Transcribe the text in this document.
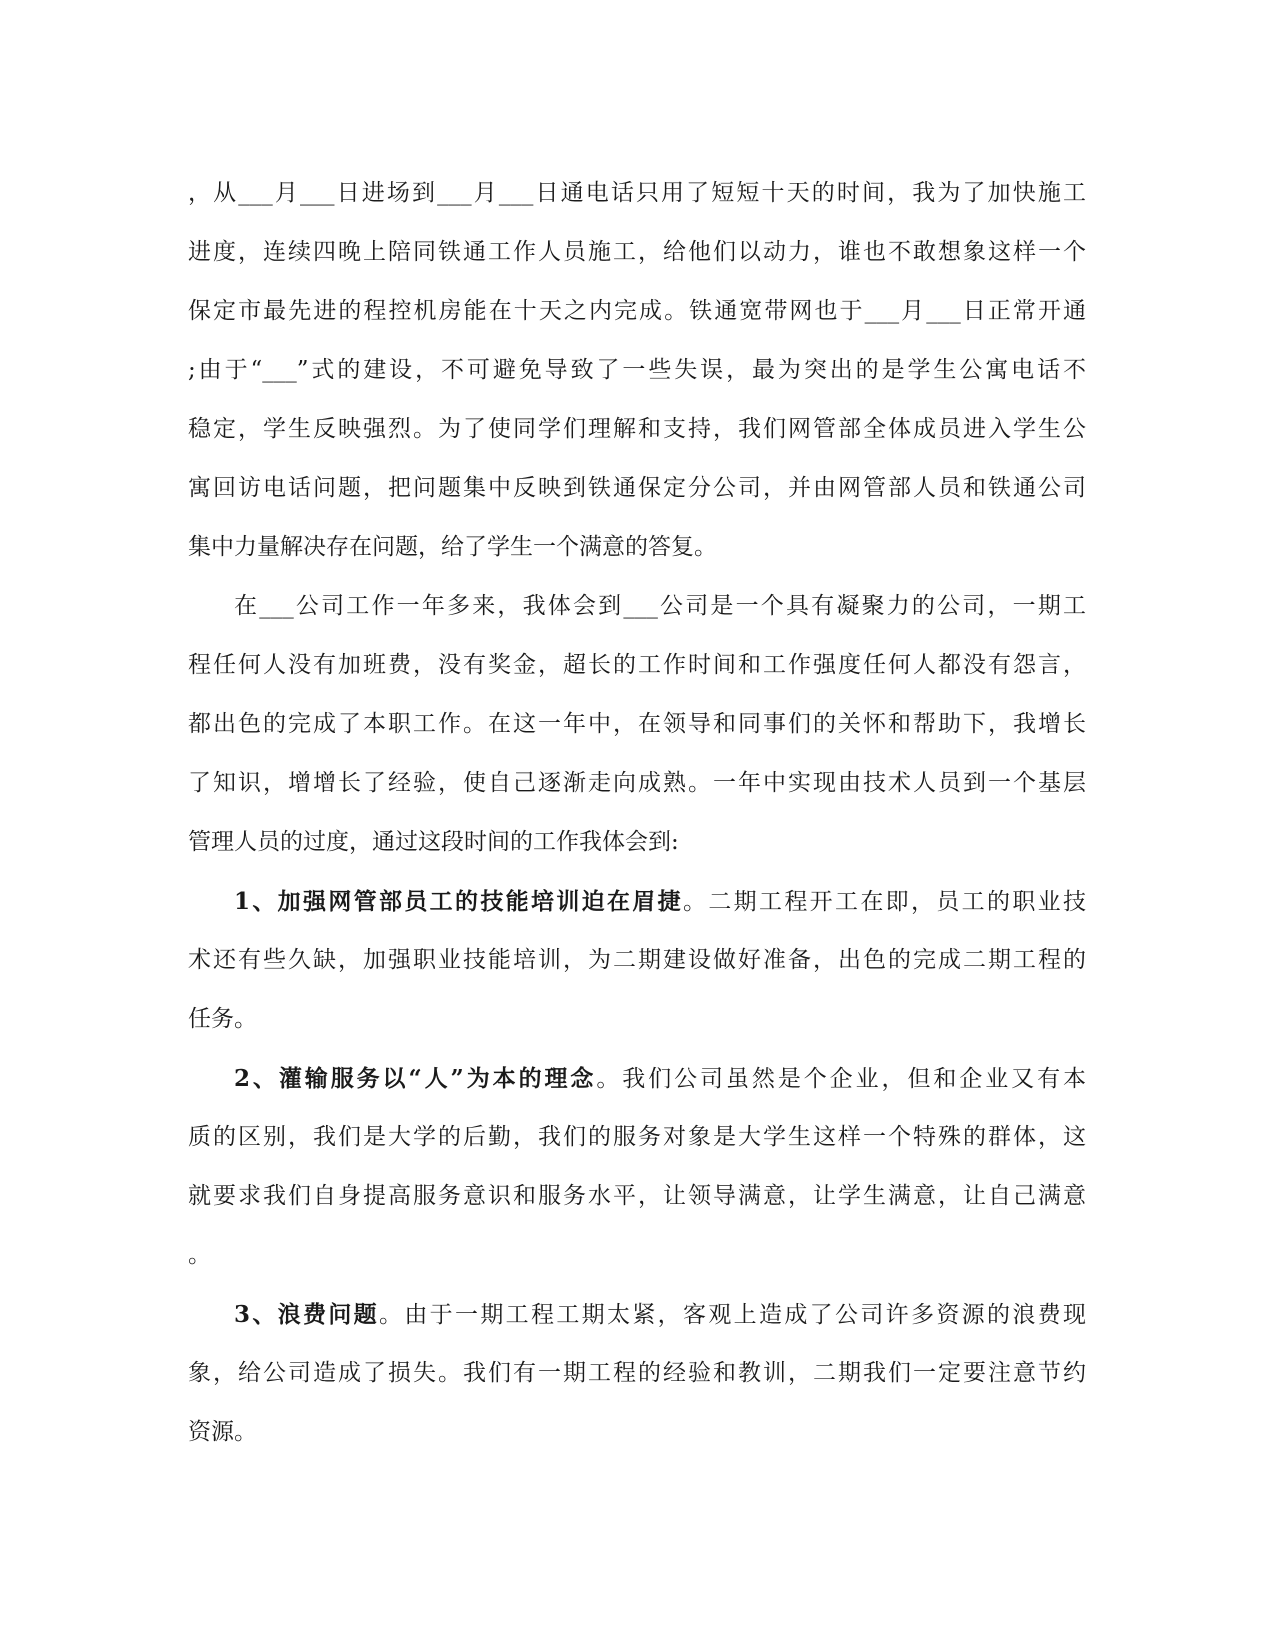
，从___月___日进场到___月___日通电话只用了短短十天的时间，我为了加快施工
进度，连续四晚上陪同铁通工作人员施工，给他们以动力，谁也不敢想象这样一个
保定市最先进的程控机房能在十天之内完成。铁通宽带网也于___月___日正常开通
;由于“___”式的建设，不可避免导致了一些失误，最为突出的是学生公寓电话不
稳定，学生反映强烈。为了使同学们理解和支持，我们网管部全体成员进入学生公
寓回访电话问题，把问题集中反映到铁通保定分公司，并由网管部人员和铁通公司
集中力量解决存在问题，给了学生一个满意的答复。
在___公司工作一年多来，我体会到___公司是一个具有凝聚力的公司，一期工
程任何人没有加班费，没有奖金，超长的工作时间和工作强度任何人都没有怨言，
都出色的完成了本职工作。在这一年中，在领导和同事们的关怀和帮助下，我增长
了知识，增增长了经验，使自己逐渐走向成熟。一年中实现由技术人员到一个基层
管理人员的过度，通过这段时间的工作我体会到:
1、加强网管部员工的技能培训迫在眉捷。二期工程开工在即，员工的职业技
术还有些久缺，加强职业技能培训，为二期建设做好准备，出色的完成二期工程的
任务。
2、灌输服务以“人”为本的理念。我们公司虽然是个企业，但和企业又有本
质的区别，我们是大学的后勤，我们的服务对象是大学生这样一个特殊的群体，这
就要求我们自身提高服务意识和服务水平，让领导满意，让学生满意，让自己满意
。
3、浪费问题。由于一期工程工期太紧，客观上造成了公司许多资源的浪费现
象，给公司造成了损失。我们有一期工程的经验和教训，二期我们一定要注意节约
资源。
